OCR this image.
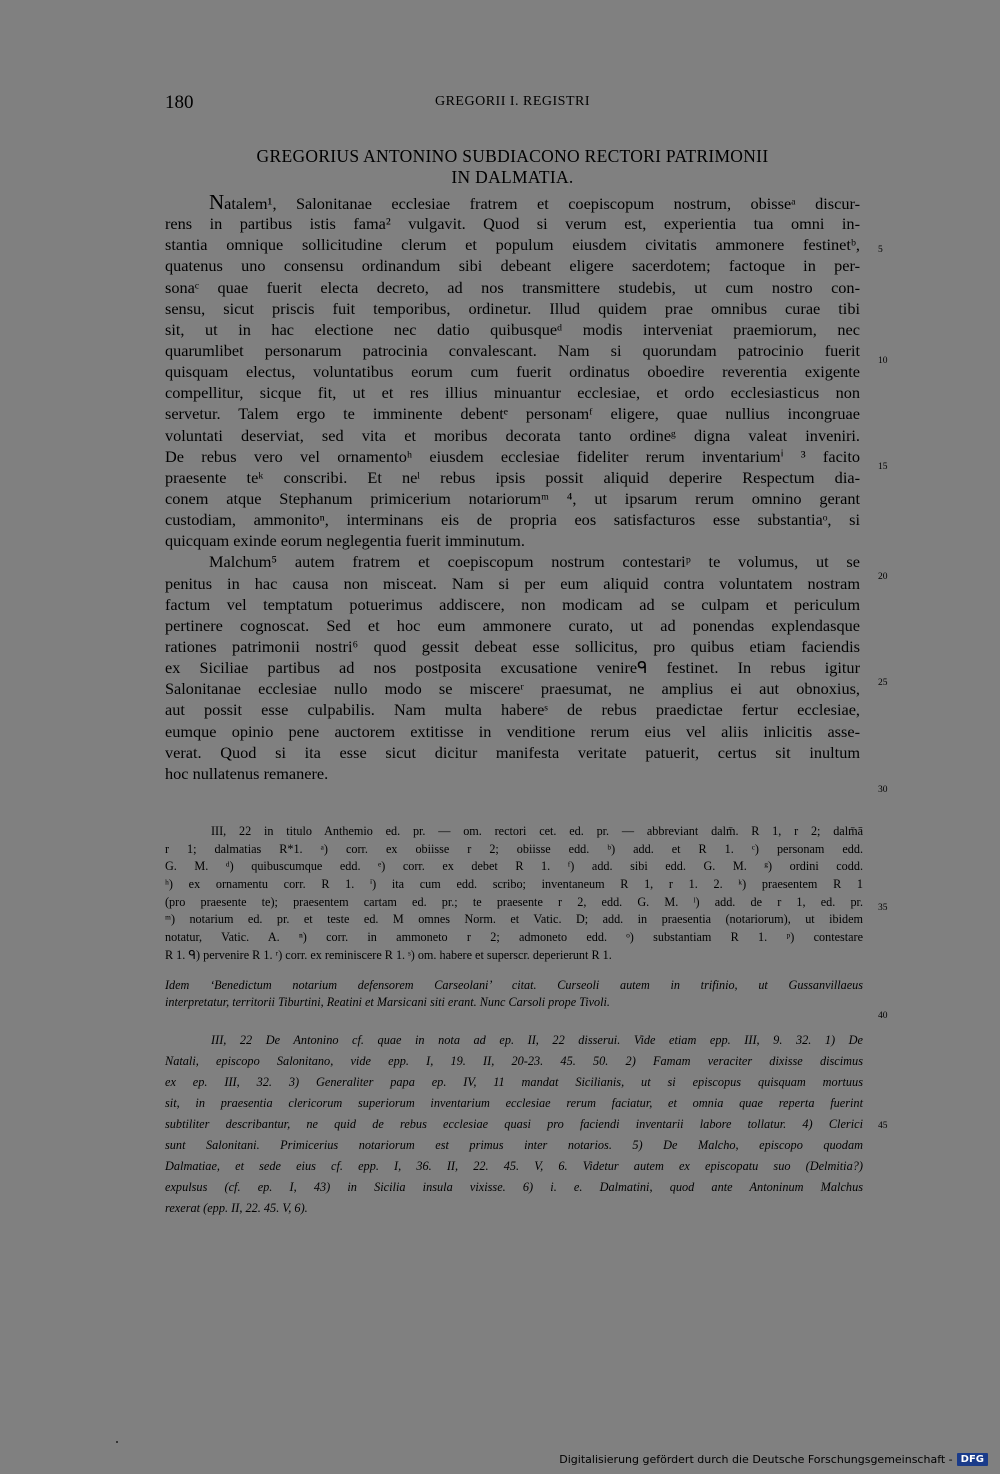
180	GREGORII I. REGISTRI
GREGORIUS ANTONINO SUBDIACONO RECTORI PATRIMONII
IN DALMATIA.
Natalem¹, Salonitanae ecclesiae fratrem et coepiscopum nostrum, obisseᵃ discur-
rens in partibus istis fama² vulgavit. Quod si verum est, experientia tua omni in-
stantia omnique sollicitudine clerum et populum eiusdem civitatis ammonere festinetᵇ,
quatenus uno consensu ordinandum sibi debeant eligere sacerdotem; factoque in per-
sonaᶜ quae fuerit electa decreto, ad nos transmittere studebis, ut cum nostro con-
sensu, sicut priscis fuit temporibus, ordinetur. Illud quidem prae omnibus curae tibi
sit, ut in hac electione nec datio quibusqueᵈ modis interveniat praemiorum, nec
quarumlibet personarum patrocinia convalescant. Nam si quorundam patrocinio fuerit
quisquam electus, voluntatibus eorum cum fuerit ordinatus oboedire reverentia exigente
compellitur, sicque fit, ut et res illius minuantur ecclesiae, et ordo ecclesiasticus non
servetur. Talem ergo te imminente debentᵉ personamᶠ eligere, quae nullius incongruae
voluntati deserviat, sed vita et moribus decorata tanto ordineᵍ digna valeat inveniri.
De rebus vero vel ornamentoʰ eiusdem ecclesiae fideliter rerum inventariumⁱ ³ facito
praesente teᵏ conscribi. Et neˡ rebus ipsis possit aliquid deperire Respectum dia-
conem atque Stephanum primicerium notariorumᵐ ⁴, ut ipsarum rerum omnino gerant
custodiam, ammonitoⁿ, interminans eis de propria eos satisfacturos esse substantiaᵒ, si
quicquam exinde eorum neglegentia fuerit imminutum.
Malchum⁵ autem fratrem et coepiscopum nostrum contestariᵖ te volumus, ut se
penitus in hac causa non misceat. Nam si per eum aliquid contra voluntatem nostram
factum vel temptatum potuerimus addiscere, non modicam ad se culpam et periculum
pertinere cognoscat. Sed et hoc eum ammonere curato, ut ad ponendas explendasque
rationes patrimonii nostri⁶ quod gessit debeat esse sollicitus, pro quibus etiam faciendis
ex Siciliae partibus ad nos postposita excusatione venireᑫ festinet. In rebus igitur
Salonitanae ecclesiae nullo modo se miscereʳ praesumat, ne amplius ei aut obnoxius,
aut possit esse culpabilis. Nam multa habereˢ de rebus praedictae fertur ecclesiae,
eumque opinio pene auctorem extitisse in venditione rerum eius vel aliis inlicitis asse-
verat. Quod si ita esse sicut dicitur manifesta veritate patuerit, certus sit inultum
hoc nullatenus remanere.
III, 22 in titulo Anthemio ed. pr. — om. rectori cet. ed. pr. — abbreviant dalm̄. R 1, r 2; dalm̄ā
r 1; dalmatias R*1. ᵃ) corr. ex obiisse r 2; obiisse edd. ᵇ) add. et R 1. ᶜ) personam edd.
G. M. ᵈ) quibuscumque edd. ᵉ) corr. ex debet R 1. ᶠ) add. sibi edd. G. M. ᵍ) ordini codd.
ʰ) ex ornamentu corr. R 1. ⁱ) ita cum edd. scribo; inventaneum R 1, r 1. 2. ᵏ) praesentem R 1
(pro praesente te); praesentem cartam ed. pr.; te praesente r 2, edd. G. M. ˡ) add. de r 1, ed. pr.
ᵐ) notarium ed. pr. et teste ed. M omnes Norm. et Vatic. D; add. in praesentia (notariorum), ut ibidem
notatur, Vatic. A. ⁿ) corr. in ammoneto r 2; admoneto edd. ᵒ) substantiam R 1. ᵖ) contestare
R 1. ᑫ) pervenire R 1. ʳ) corr. ex reminiscere R 1. ˢ) om. habere et superscr. deperierunt R 1.
Idem ‘Benedictum notarium defensorem Carseolani’ citat. Curseoli autem in trifinio, ut Gussanvillaeus
interpretatur, territorii Tiburtini, Reatini et Marsicani siti erant. Nunc Carsoli prope Tivoli.
III, 22 De Antonino cf. quae in nota ad ep. II, 22 disserui. Vide etiam epp. III, 9. 32. 1) De
Natali, episcopo Salonitano, vide epp. I, 19. II, 20-23. 45. 50. 2) Famam veraciter dixisse discimus
ex ep. III, 32. 3) Generaliter papa ep. IV, 11 mandat Sicilianis, ut si episcopus quisquam mortuus
sit, in praesentia clericorum superiorum inventarium ecclesiae rerum faciatur, et omnia quae reperta fuerint
subtiliter describantur, ne quid de rebus ecclesiae quasi pro faciendi inventarii labore tollatur. 4) Clerici
sunt Salonitani. Primicerius notariorum est primus inter notarios. 5) De Malcho, episcopo quodam
Dalmatiae, et sede eius cf. epp. I, 36. II, 22. 45. V, 6. Videtur autem ex episcopatu suo (Delmitia?)
expulsus (cf. ep. I, 43) in Sicilia insula vixisse. 6) i. e. Dalmatini, quod ante Antoninum Malchus
rexerat (epp. II, 22. 45. V, 6).
5
10
15
20
25
30
35
40
45
Digitalisierung gefördert durch die Deutsche Forschungsgemeinschaft - DFG
